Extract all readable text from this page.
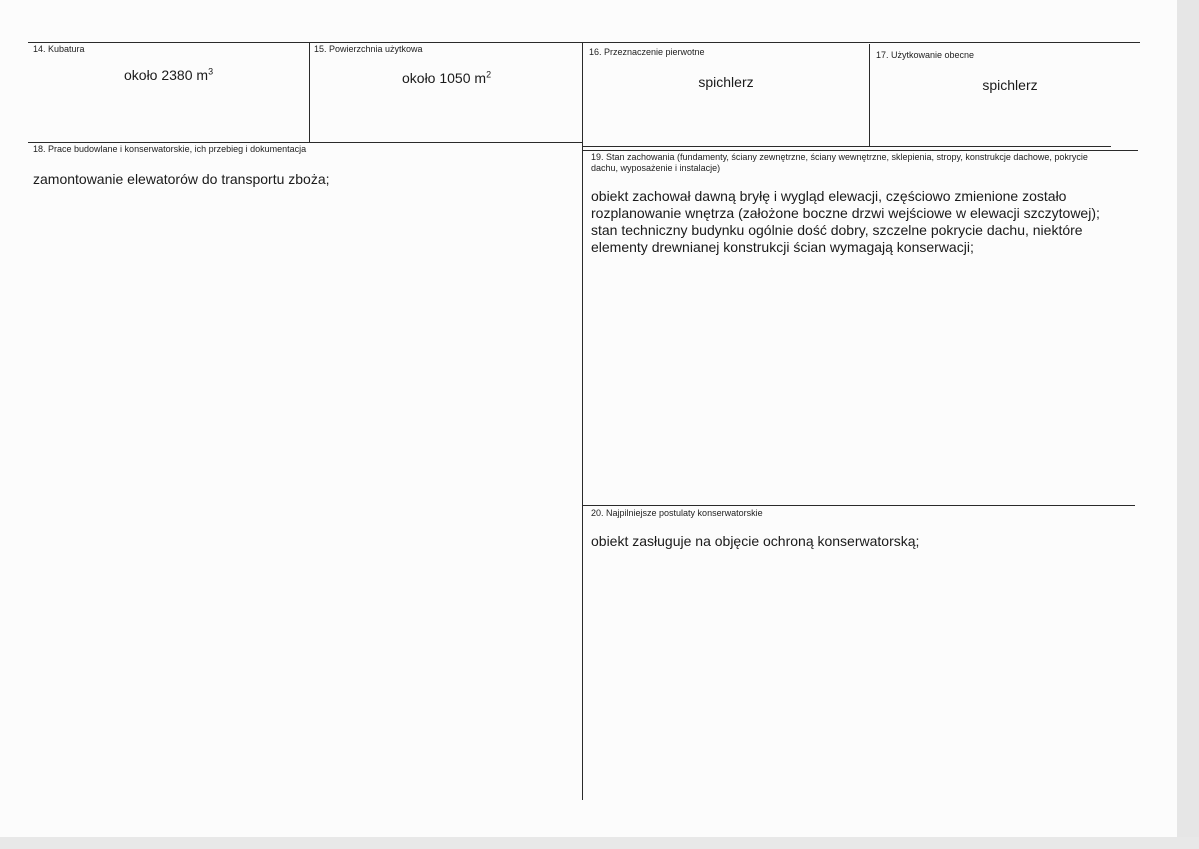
14. Kubatura
około 2380 $m^3$
15. Powierzchnia użytkowa
około 1050 $m^2$
16. Przeznaczenie pierwotne
spichlerz
17. Użytkowanie obecne
spichlerz
18. Prace budowlane i konserwatorskie, ich przebieg i dokumentacja
zamontowanie elewatorów do transportu zboża;
19. Stan zachowania (fundamenty, ściany zewnętrzne, ściany wewnętrzne, sklepienia, stropy, konstrukcje dachowe, pokrycie dachu, wyposażenie i instalacje)
obiekt zachował dawną bryłę i wygląd elewacji, częściowo zmienione zostało
rozplanowanie wnętrza (założone boczne drzwi wejściowe w elewacji szczytowej);
stan techniczny budynku ogólnie dość dobry, szczelne pokrycie dachu, niektóre
elementy drewnianej konstrukcji ścian wymagają konserwacji;
20. Najpilniejsze postulaty konserwatorskie
obiekt zasługuje na objęcie ochroną konserwatorską;
